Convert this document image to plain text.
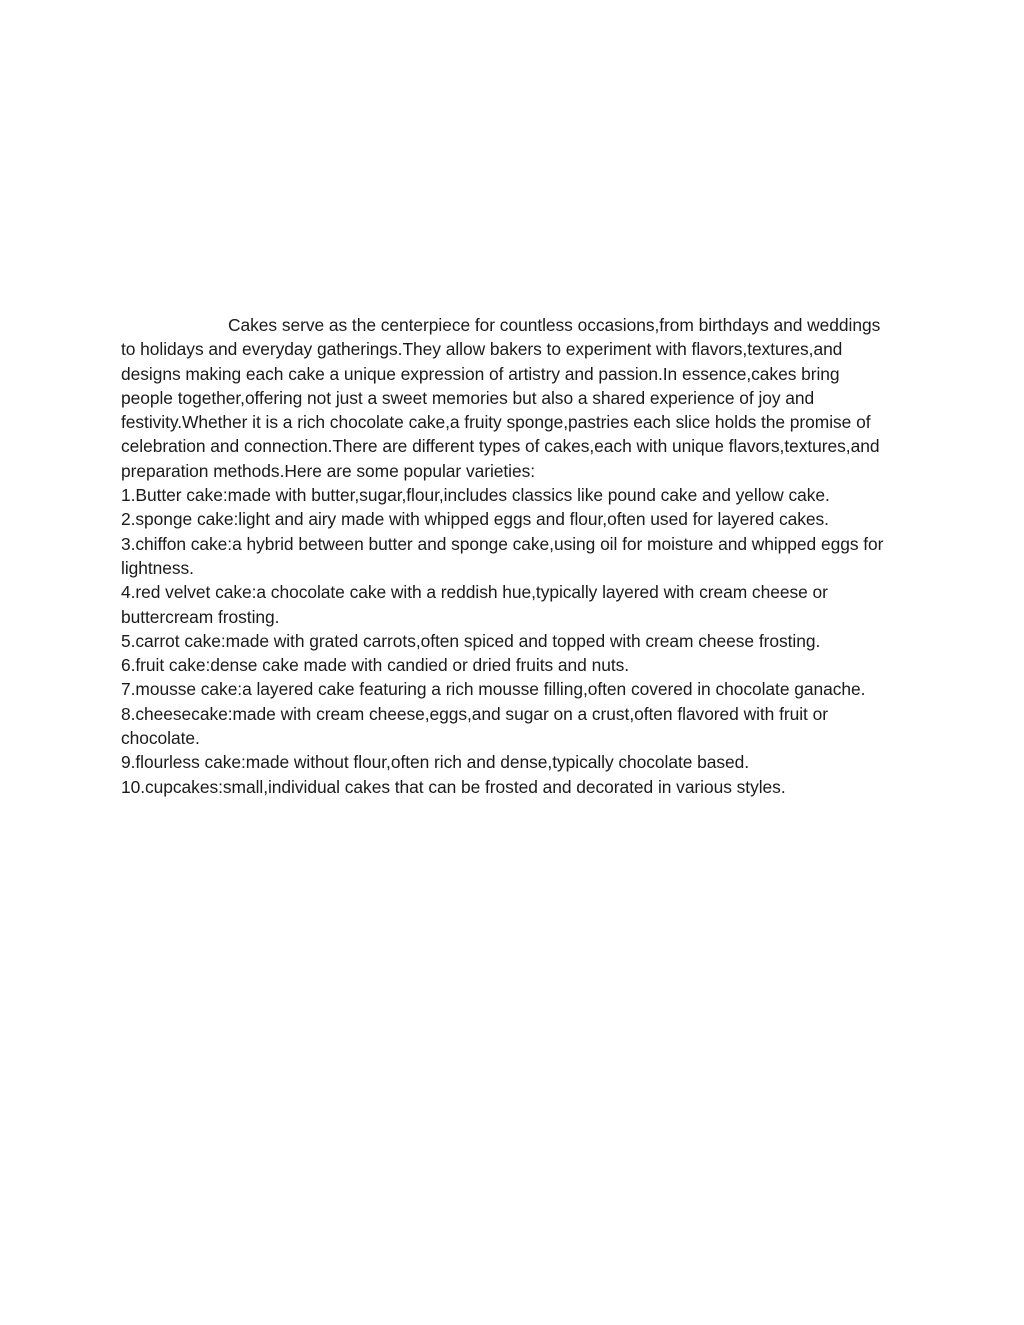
Cakes serve as the centerpiece for countless occasions,from birthdays and weddings to holidays and everyday gatherings.They allow bakers to experiment with flavors,textures,and designs making each cake a unique expression of artistry and passion.In essence,cakes bring people together,offering not just a sweet memories but also a shared experience of joy and festivity.Whether it is a rich chocolate cake,a fruity sponge,pastries each slice holds the promise of celebration and connection.There are different types of cakes,each with unique flavors,textures,and preparation methods.Here are some popular varieties:

1.Butter cake:made with butter,sugar,flour,includes classics like pound cake and yellow cake.
2.sponge cake:light and airy made with whipped eggs and flour,often used for layered cakes.
3.chiffon cake:a hybrid between butter and sponge cake,using oil for moisture and whipped eggs for lightness.
4.red velvet cake:a chocolate cake with a reddish hue,typically layered with cream cheese or buttercream frosting.
5.carrot cake:made with grated carrots,often spiced and topped with cream cheese frosting.
6.fruit cake:dense cake made with candied or dried fruits and nuts.
7.mousse cake:a layered cake featuring a rich mousse filling,often covered in chocolate ganache.
8.cheesecake:made with cream cheese,eggs,and sugar on a crust,often flavored with fruit or chocolate.
9.flourless cake:made without flour,often rich and dense,typically chocolate based.
10.cupcakes:small,individual cakes that can be frosted and decorated in various styles.
